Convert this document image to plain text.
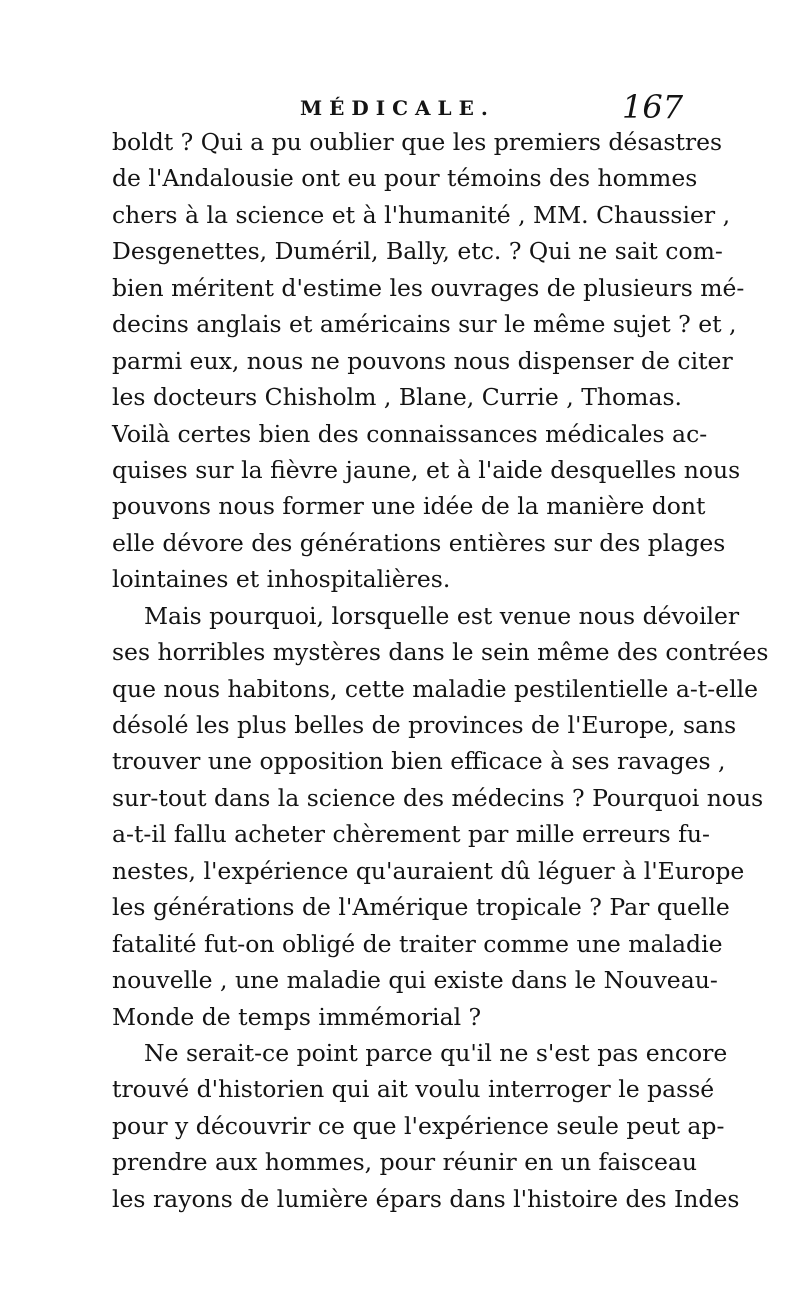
MÉDICALE.	167
boldt ? Qui a pu oublier que les premiers désastres
de l'Andalousie ont eu pour témoins des hommes
chers à la science et à l'humanité , MM. Chaussier ,
Desgenettes, Duméril, Bally, etc. ? Qui ne sait com-
bien méritent d'estime les ouvrages de plusieurs mé-
decins anglais et américains sur le même sujet ? et ,
parmi eux, nous ne pouvons nous dispenser de citer
les docteurs Chisholm , Blane, Currie , Thomas.
Voilà certes bien des connaissances médicales ac-
quises sur la fièvre jaune, et à l'aide desquelles nous
pouvons nous former une idée de la manière dont
elle dévore des générations entières sur des plages
lointaines et inhospitalières.
Mais pourquoi, lorsquelle est venue nous dévoiler
ses horribles mystères dans le sein même des contrées
que nous habitons, cette maladie pestilentielle a-t-elle
désolé les plus belles de provinces de l'Europe, sans
trouver une opposition bien efficace à ses ravages ,
sur-tout dans la science des médecins ? Pourquoi nous
a-t-il fallu acheter chèrement par mille erreurs fu-
nestes, l'expérience qu'auraient dû léguer à l'Europe
les générations de l'Amérique tropicale ? Par quelle
fatalité fut-on obligé de traiter comme une maladie
nouvelle , une maladie qui existe dans le Nouveau-
Monde de temps immémorial ?
Ne serait-ce point parce qu'il ne s'est pas encore
trouvé d'historien qui ait voulu interroger le passé
pour y découvrir ce que l'expérience seule peut ap-
prendre aux hommes, pour réunir en un faisceau
les rayons de lumière épars dans l'histoire des Indes
